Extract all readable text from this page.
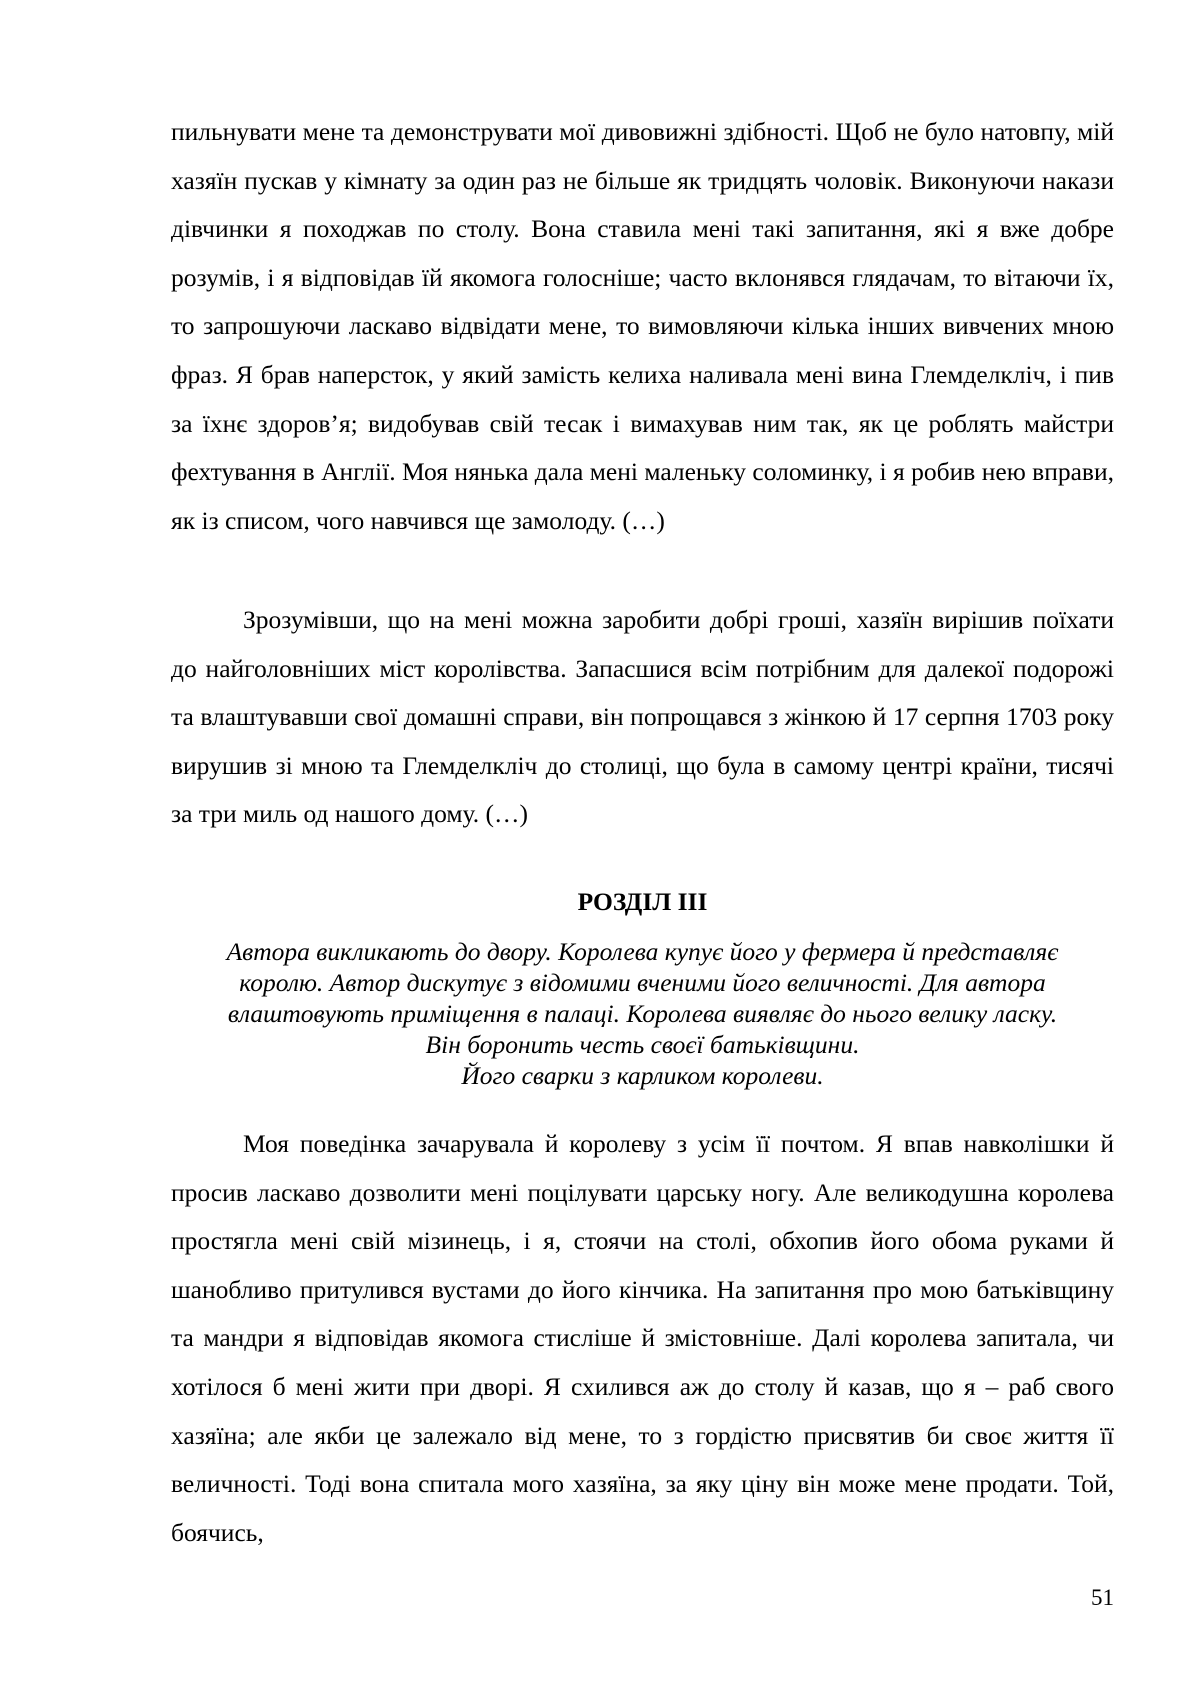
пильнувати мене та демонструвати мої дивовижні здібності. Щоб не було натовпу, мій хазяїн пускав у кімнату за один раз не більше як тридцять чоловік. Виконуючи накази дівчинки я походжав по столу. Вона ставила мені такі запитання, які я вже добре розумів, і я відповідав їй якомога голосніше; часто вклонявся глядачам, то вітаючи їх, то запрошуючи ласкаво відвідати мене, то вимовляючи кілька інших вивчених мною фраз. Я брав наперсток, у який замість келиха наливала мені вина Глемделкліч, і пив за їхнє здоров’я; видобував свій тесак і вимахував ним так, як це роблять майстри фехтування в Англії. Моя нянька дала мені маленьку соломинку, і я робив нею вправи, як із списом, чого навчився ще замолоду. (…)

Зрозумівши, що на мені можна заробити добрі гроші, хазяїн вирішив поїхати до найголовніших міст королівства. Запасшися всім потрібним для далекої подорожі та влаштувавши свої домашні справи, він попрощався з жінкою й 17 серпня 1703 року вирушив зі мною та Глемделкліч до столиці, що була в самому центрі країни, тисячі за три миль од нашого дому. (…)

РОЗДІЛ ІІІ

Автора викликають до двору. Королева купує його у фермера й представляє
королю. Автор дискутує з відомими вченими його величності. Для автора
влаштовують приміщення в палаці. Королева виявляє до нього велику ласку.
Він боронить честь своєї батьківщини.
Його сварки з карликом королеви.

Моя поведінка зачарувала й королеву з усім її почтом. Я впав навколішки й просив ласкаво дозволити мені поцілувати царську ногу. Але великодушна королева простягла мені свій мізинець, і я, стоячи на столі, обхопив його обома руками й шанобливо притулився вустами до його кінчика. На запитання про мою батьківщину та мандри я відповідав якомога стисліше й змістовніше. Далі королева запитала, чи хотілося б мені жити при дворі. Я схилився аж до столу й казав, що я – раб свого хазяїна; але якби це залежало від мене, то з гордістю присвятив би своє життя її величності. Тоді вона спитала мого хазяїна, за яку ціну він може мене продати. Той, боячись,

51
